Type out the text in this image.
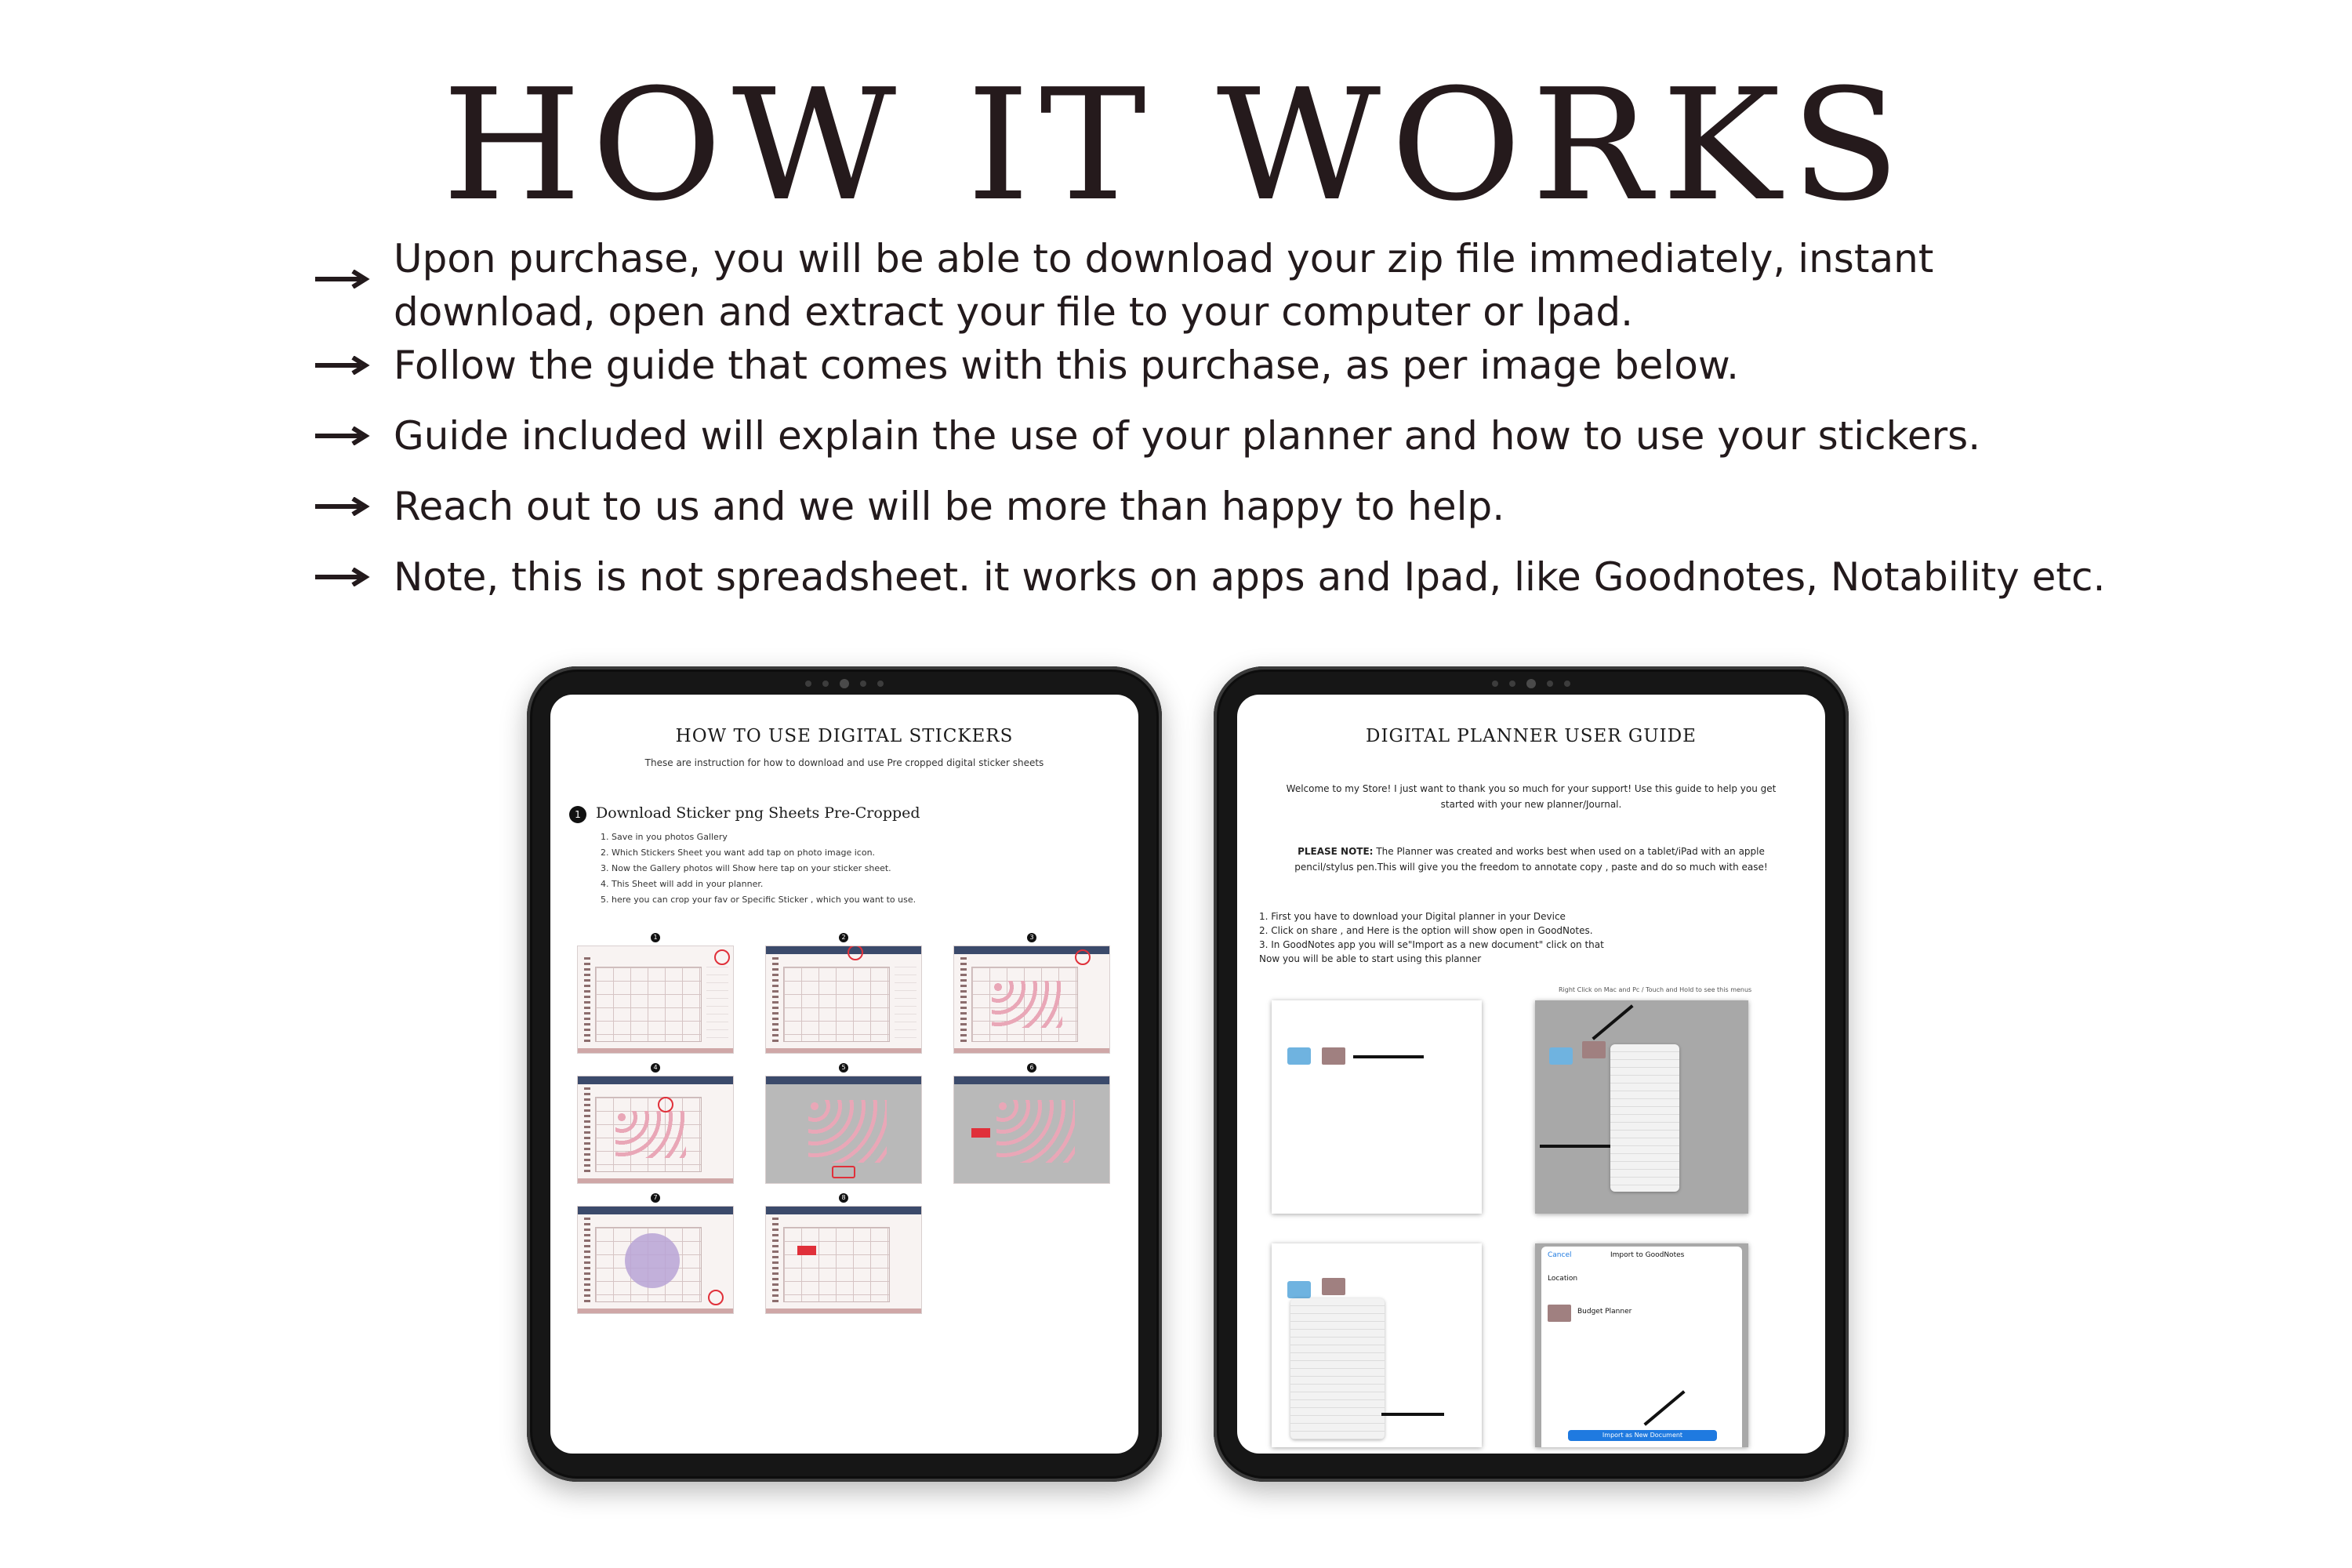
HOW IT WORKS
Upon purchase, you will be able to download your zip file immediately, instant
download, open and extract your file to your computer or Ipad.
Follow the guide that comes with this purchase, as per image below.
Guide included will explain the use of your planner and how to use your stickers.
Reach out to us and we will be more than happy to help.
Note, this is not spreadsheet. it works on apps and Ipad, like Goodnotes, Notability etc.
HOW TO USE DIGITAL STICKERS
These are instruction for how to download and use Pre cropped digital sticker sheets
1	Download Sticker png Sheets Pre-Cropped
1. Save in you photos Gallery
2. Which Stickers Sheet you want add tap on photo image icon.
3. Now the Gallery photos will Show here tap on your sticker sheet.
4. This Sheet will add in your planner.
5. here you can crop your fav or Specific Sticker , which you want to use.
1	2	3
4	5	6
7	8
DIGITAL PLANNER USER GUIDE
Welcome to my Store! I just want to thank you so much for your support! Use this guide to help you get started with your new planner/Journal.
PLEASE NOTE: The Planner was created and works best when used on a tablet/iPad with an apple pencil/stylus pen.This will give you the freedom to annotate copy , paste and do so much with ease!
1. First you have to download your Digital planner in your Device
2. Click on share , and Here is the option will show open in GoodNotes.
3. In GoodNotes app you will se"Import as a new document" click on that
Now you will be able to start using this planner
Right Click on Mac and Pc / Touch and Hold to see this menus
Cancel	Import to GoodNotes
Location
Budget Planner
Import as New Document
